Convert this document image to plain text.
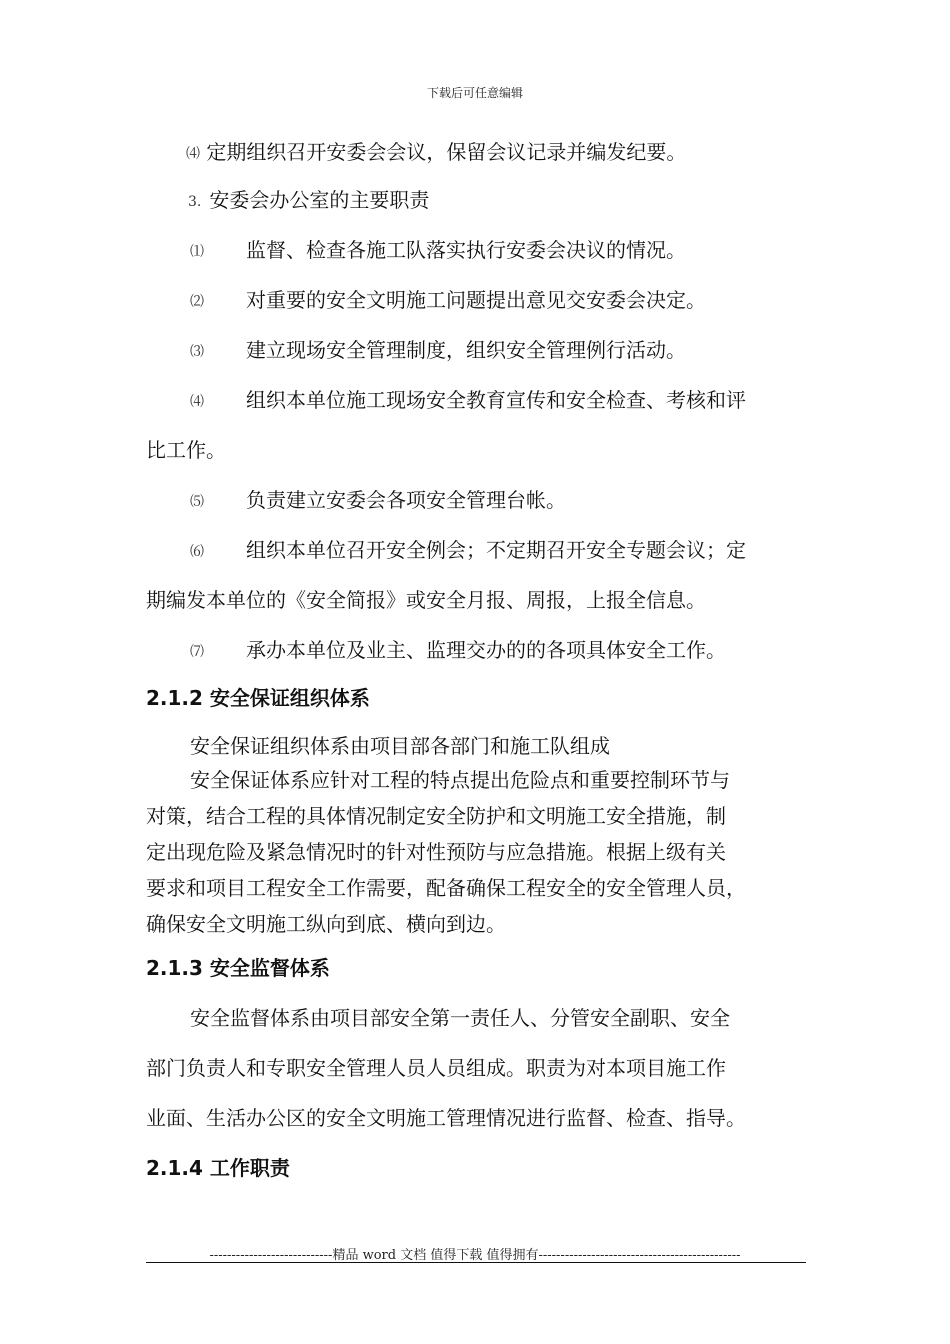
下载后可任意编辑
⑷ 定期组织召开安委会会议，保留会议记录并编发纪要。
3. 安委会办公室的主要职责
⑴ 监督、检查各施工队落实执行安委会决议的情况。
⑵ 对重要的安全文明施工问题提出意见交安委会决定。
⑶ 建立现场安全管理制度，组织安全管理例行活动。
⑷ 组织本单位施工现场安全教育宣传和安全检查、考核和评
比工作。
⑸ 负责建立安委会各项安全管理台帐。
⑹ 组织本单位召开安全例会；不定期召开安全专题会议；定
期编发本单位的《安全简报》或安全月报、周报，上报全信息。
⑺ 承办本单位及业主、监理交办的的各项具体安全工作。
2.1.2 安全保证组织体系
安全保证组织体系由项目部各部门和施工队组成
安全保证体系应针对工程的特点提出危险点和重要控制环节与
对策，结合工程的具体情况制定安全防护和文明施工安全措施，制
定出现危险及紧急情况时的针对性预防与应急措施。根据上级有关
要求和项目工程安全工作需要，配备确保工程安全的安全管理人员，
确保安全文明施工纵向到底、横向到边。
2.1.3 安全监督体系
安全监督体系由项目部安全第一责任人、分管安全副职、安全
部门负责人和专职安全管理人员人员组成。职责为对本项目施工作
业面、生活办公区的安全文明施工管理情况进行监督、检查、指导。
2.1.4 工作职责
----------------------------精品 word 文档 值得下载 值得拥有----------------------------------------------
